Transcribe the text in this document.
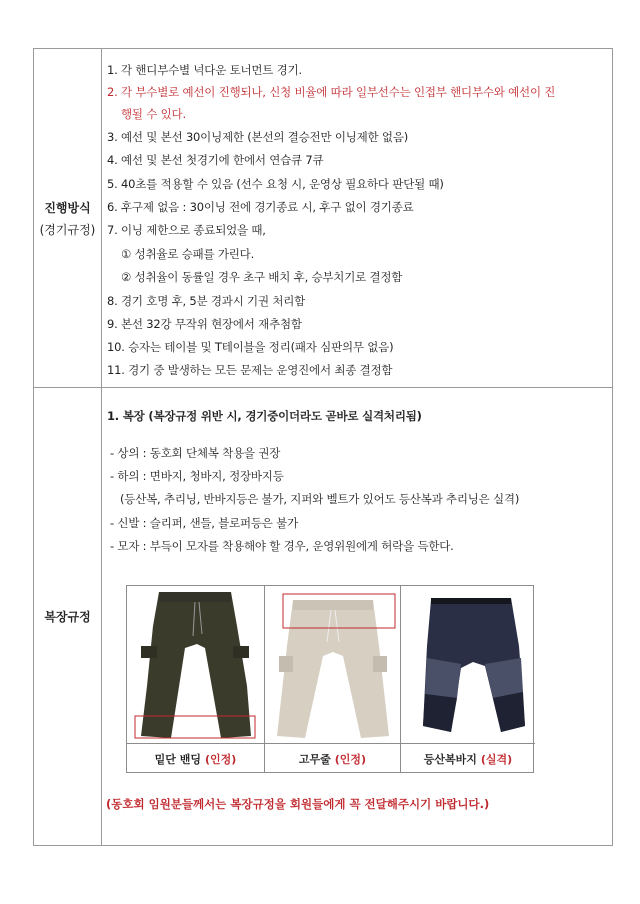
진행방식
(경기규정)
1. 각 핸디부수별 넉다운 토너먼트 경기.
2. 각 부수별로 예선이 진행되나, 신청 비율에 따라 일부선수는 인접부 핸디부수와 예선이 진
행될 수 있다.
3. 예선 및 본선 30이닝제한 (본선의 결승전만 이닝제한 없음)
4. 예선 및 본선 첫경기에 한에서 연습큐 7큐
5. 40초를 적용할 수 있음 (선수 요청 시, 운영상 필요하다 판단될 때)
6. 후구제 없음 : 30이닝 전에 경기종료 시, 후구 없이 경기종료
7. 이닝 제한으로 종료되었을 때,
① 성취율로 승패를 가린다.
② 성취율이 동률일 경우 초구 배치 후, 승부치기로 결정함
8. 경기 호명 후, 5분 경과시 기권 처리함
9. 본선 32강 무작위 현장에서 재추첨함
10. 승자는 테이블 및 T테이블을 정리(패자 심판의무 없음)
11. 경기 중 발생하는 모든 문제는 운영진에서 최종 결정함
복장규정
1. 복장 (복장규정 위반 시, 경기중이더라도 곧바로 실격처리됨)
- 상의 : 동호회 단체복 착용을 권장
- 하의 : 면바지, 청바지, 정장바지등
(등산복, 추리닝, 반바지등은 불가, 지퍼와 벨트가 있어도 등산복과 추리닝은 실격)
- 신발 : 슬리퍼, 샌들, 블로퍼등은 불가
- 모자 : 부득이 모자를 착용해야 할 경우, 운영위원에게 허락을 득한다.
밑단 밴딩 (인정)	고무줄 (인정)	등산복바지 (실격)
(동호회 임원분들께서는 복장규정을 회원들에게 꼭 전달해주시기 바랍니다.)
